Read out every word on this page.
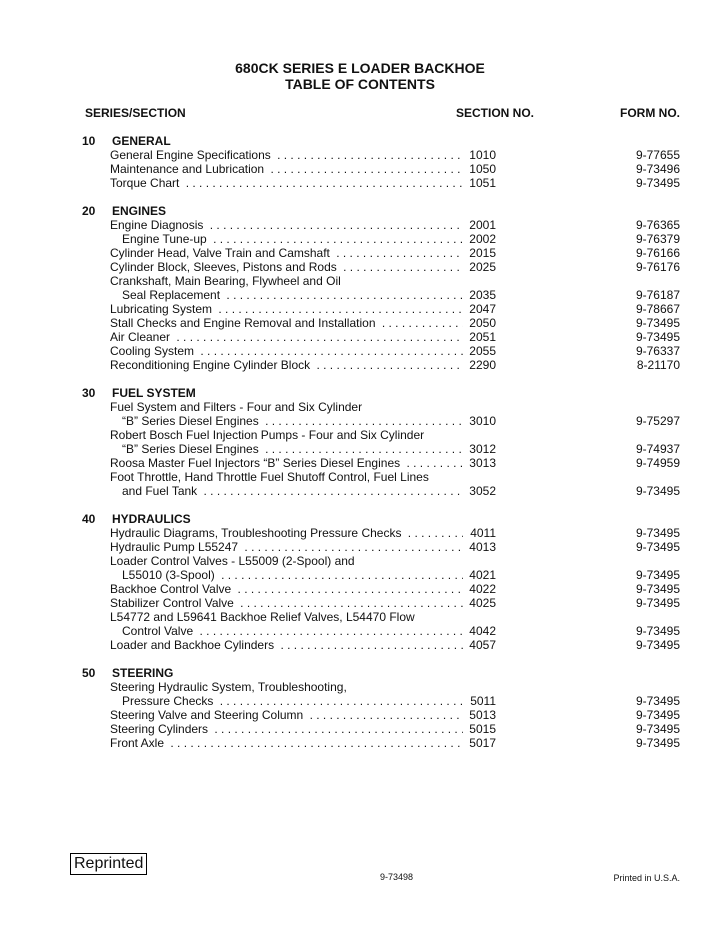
680CK SERIES E LOADER BACKHOE
TABLE OF CONTENTS
SERIES/SECTION	SECTION NO.	FORM NO.
10	GENERAL
General Engine Specifications . . .	1010	9-77655
Maintenance and Lubrication . . .	1050	9-73496
Torque Chart . . .	1051	9-73495
20	ENGINES
Engine Diagnosis . . .	2001	9-76365
Engine Tune-up . . .	2002	9-76379
Cylinder Head, Valve Train and Camshaft . . .	2015	9-76166
Cylinder Block, Sleeves, Pistons and Rods . . .	2025	9-76176
Crankshaft, Main Bearing, Flywheel and Oil
Seal Replacement . . .	2035	9-76187
Lubricating System . . .	2047	9-78667
Stall Checks and Engine Removal and Installation . . .	2050	9-73495
Air Cleaner . . .	2051	9-73495
Cooling System . . .	2055	9-76337
Reconditioning Engine Cylinder Block . . .	2290	8-21170
30	FUEL SYSTEM
Fuel System and Filters - Four and Six Cylinder
“B” Series Diesel Engines . . .	3010	9-75297
Robert Bosch Fuel Injection Pumps - Four and Six Cylinder
“B” Series Diesel Engines . . .	3012	9-74937
Roosa Master Fuel Injectors “B” Series Diesel Engines . . .	3013	9-74959
Foot Throttle, Hand Throttle Fuel Shutoff Control, Fuel Lines
and Fuel Tank . . .	3052	9-73495
40	HYDRAULICS
Hydraulic Diagrams, Troubleshooting Pressure Checks . . .	4011	9-73495
Hydraulic Pump L55247 . . .	4013	9-73495
Loader Control Valves - L55009 (2-Spool) and
L55010 (3-Spool) . . .	4021	9-73495
Backhoe Control Valve . . .	4022	9-73495
Stabilizer Control Valve . . .	4025	9-73495
L54772 and L59641 Backhoe Relief Valves, L54470 Flow
Control Valve . . .	4042	9-73495
Loader and Backhoe Cylinders . . .	4057	9-73495
50	STEERING
Steering Hydraulic System, Troubleshooting,
Pressure Checks . . .	5011	9-73495
Steering Valve and Steering Column . . .	5013	9-73495
Steering Cylinders . . .	5015	9-73495
Front Axle . . .	5017	9-73495
Reprinted
9-73498	Printed in U.S.A.
